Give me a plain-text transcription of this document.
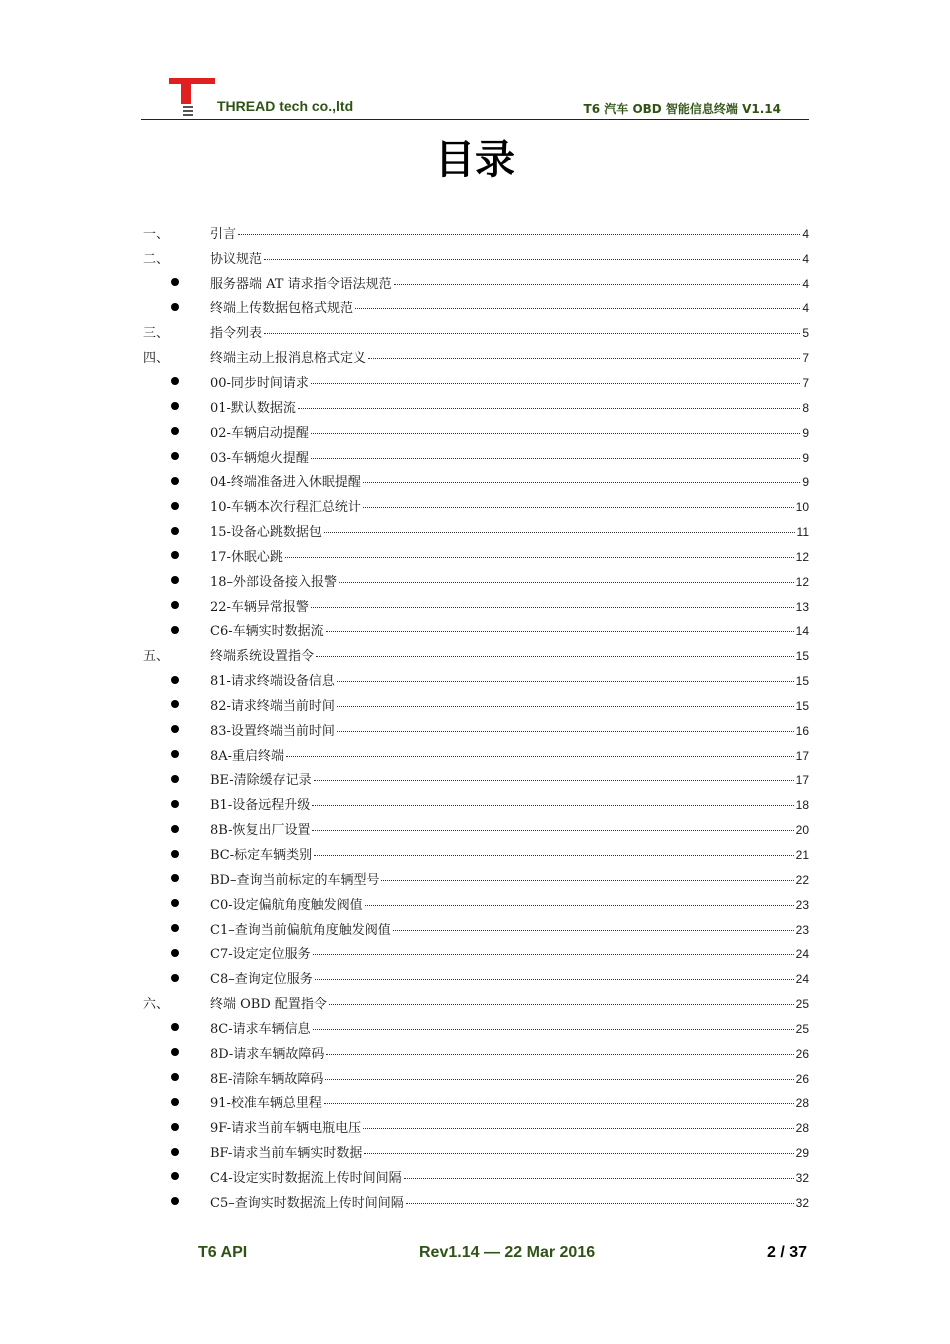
THREAD tech co.,ltd	T6 汽车 OBD 智能信息终端 V1.14
目录
一、	引言	4
二、	协议规范	4
服务器端 AT 请求指令语法规范	4
终端上传数据包格式规范	4
三、	指令列表	5
四、	终端主动上报消息格式定义	7
00-同步时间请求	7
01-默认数据流	8
02-车辆启动提醒	9
03-车辆熄火提醒	9
04-终端准备进入休眠提醒	9
10-车辆本次行程汇总统计	10
15-设备心跳数据包	11
17-休眠心跳	12
18–外部设备接入报警	12
22-车辆异常报警	13
C6-车辆实时数据流	14
五、	终端系统设置指令	15
81-请求终端设备信息	15
82-请求终端当前时间	15
83-设置终端当前时间	16
8A-重启终端	17
BE-清除缓存记录	17
B1-设备远程升级	18
8B-恢复出厂设置	20
BC-标定车辆类别	21
BD–查询当前标定的车辆型号	22
C0-设定偏航角度触发阀值	23
C1–查询当前偏航角度触发阀值	23
C7-设定定位服务	24
C8–查询定位服务	24
六、	终端 OBD 配置指令	25
8C-请求车辆信息	25
8D-请求车辆故障码	26
8E-清除车辆故障码	26
91-校准车辆总里程	28
9F-请求当前车辆电瓶电压	28
BF-请求当前车辆实时数据	29
C4-设定实时数据流上传时间间隔	32
C5–查询实时数据流上传时间间隔	32
T6 API	Rev1.14 — 22 Mar 2016	2 / 37
